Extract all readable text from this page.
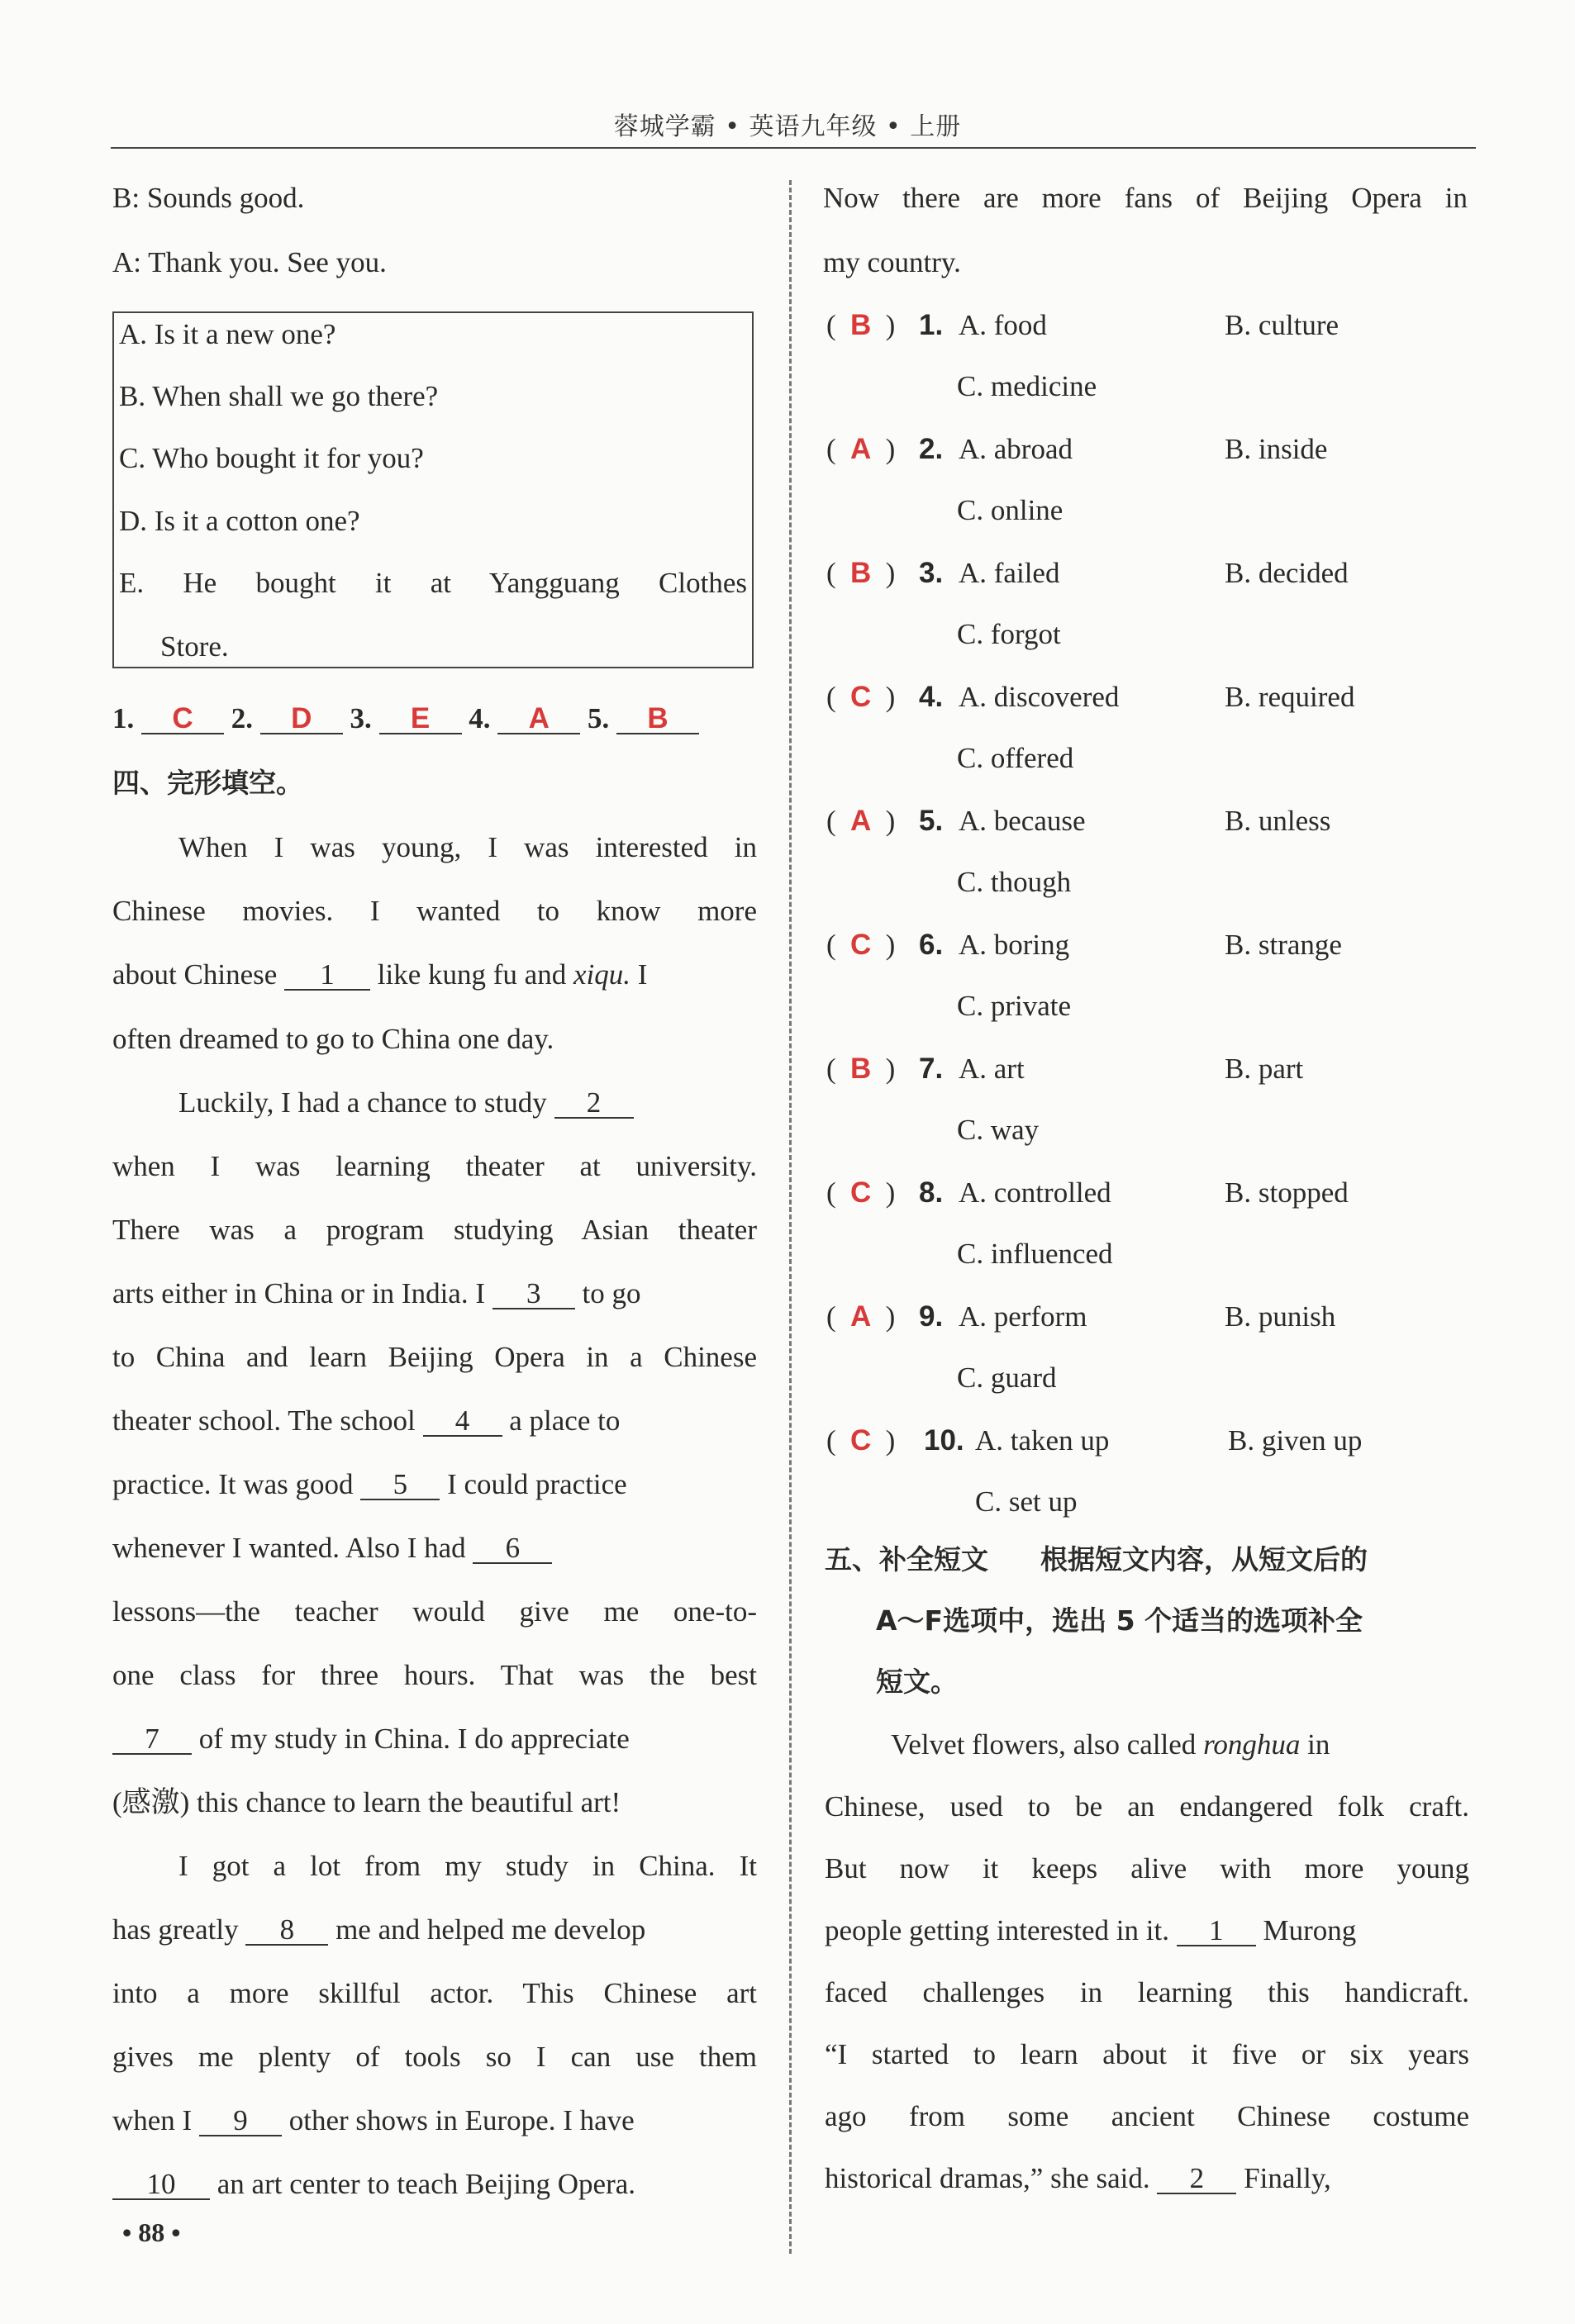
蓉城学霸 • 英语九年级 • 上册
B: Sounds good.
A: Thank you. See you.
A. Is it a new one?
B. When shall we go there?
C. Who bought it for you?
D. Is it a cotton one?
E. He bought it at Yangguang Clothes
Store.
1. C 2. D 3. E 4. A 5. B
四、完形填空。
When I was young, I was interested in
Chinese movies. I wanted to know more
about Chinese 1 like kung fu and xiqu. I
often dreamed to go to China one day.
Luckily, I had a chance to study 2
when I was learning theater at university.
There was a program studying Asian theater
arts either in China or in India. I 3 to go
to China and learn Beijing Opera in a Chinese
theater school. The school 4 a place to
practice. It was good 5 I could practice
whenever I wanted. Also I had 6
lessons—the teacher would give me one-to-
one class for three hours. That was the best
7 of my study in China. I do appreciate
(感激) this chance to learn the beautiful art!
I got a lot from my study in China. It
has greatly 8 me and helped me develop
into a more skillful actor. This Chinese art
gives me plenty of tools so I can use them
when I 9 other shows in Europe. I have
10 an art center to teach Beijing Opera.
Now there are more fans of Beijing Opera in
my country.
( B ) 1. A. food	B. culture
C. medicine
( A ) 2. A. abroad	B. inside
C. online
( B ) 3. A. failed	B. decided
C. forgot
( C ) 4. A. discovered	B. required
C. offered
( A ) 5. A. because	B. unless
C. though
( C ) 6. A. boring	B. strange
C. private
( B ) 7. A. art	B. part
C. way
( C ) 8. A. controlled	B. stopped
C. influenced
( A ) 9. A. perform	B. punish
C. guard
( C ) 10. A. taken up	B. given up
C. set up
五、补全短文 根据短文内容，从短文后的
A～F选项中，选出 5 个适当的选项补全
短文。
Velvet flowers, also called ronghua in
Chinese, used to be an endangered folk craft.
But now it keeps alive with more young
people getting interested in it. 1 Murong
faced challenges in learning this handicraft.
“I started to learn about it five or six years
ago from some ancient Chinese costume
historical dramas,” she said. 2 Finally,
• 88 •
